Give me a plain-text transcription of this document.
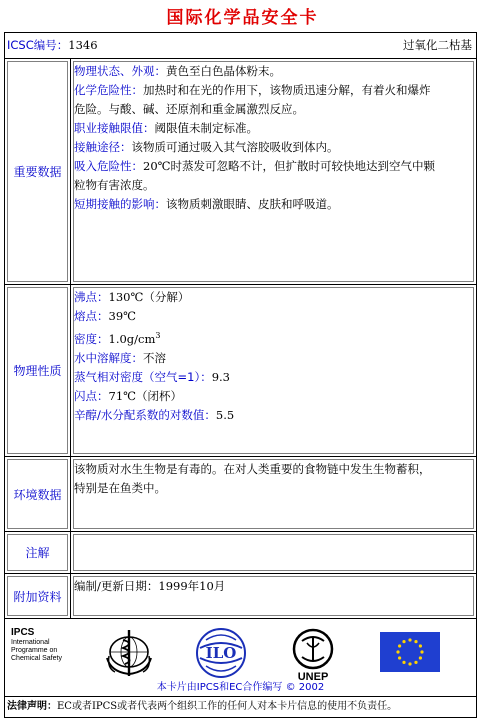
国际化学品安全卡
ICSC编号：1346	过氧化二枯基
重要数据
物理状态、外观：黄色至白色晶体粉末。
化学危险性：加热时和在光的作用下，该物质迅速分解，有着火和爆炸
危险。与酸、碱、还原剂和重金属激烈反应。
职业接触限值：阈限值未制定标准。
接触途径：该物质可通过吸入其气溶胶吸收到体内。
吸入危险性：20℃时蒸发可忽略不计，但扩散时可较快地达到空气中颗
粒物有害浓度。
短期接触的影响：该物质刺激眼睛、皮肤和呼吸道。
物理性质
沸点：130℃（分解）
熔点：39℃
密度：$1.0g/cm^3$
水中溶解度：不溶
蒸气相对密度（空气=1）：9.3
闪点：71℃（闭杯）
辛醇/水分配系数的对数值：5.5
环境数据
该物质对水生生物是有毒的。在对人类重要的食物链中发生生物蓄积，
特别是在鱼类中。
注解
附加资料
编制/更新日期：1999年10月
IPCS
International
Programme on
Chemical Safety	ILO
UNEP
本卡片由IPCS和EC合作编写 © 2002
法律声明：EC或者IPCS或者代表两个组织工作的任何人对本卡片信息的使用不负责任。
